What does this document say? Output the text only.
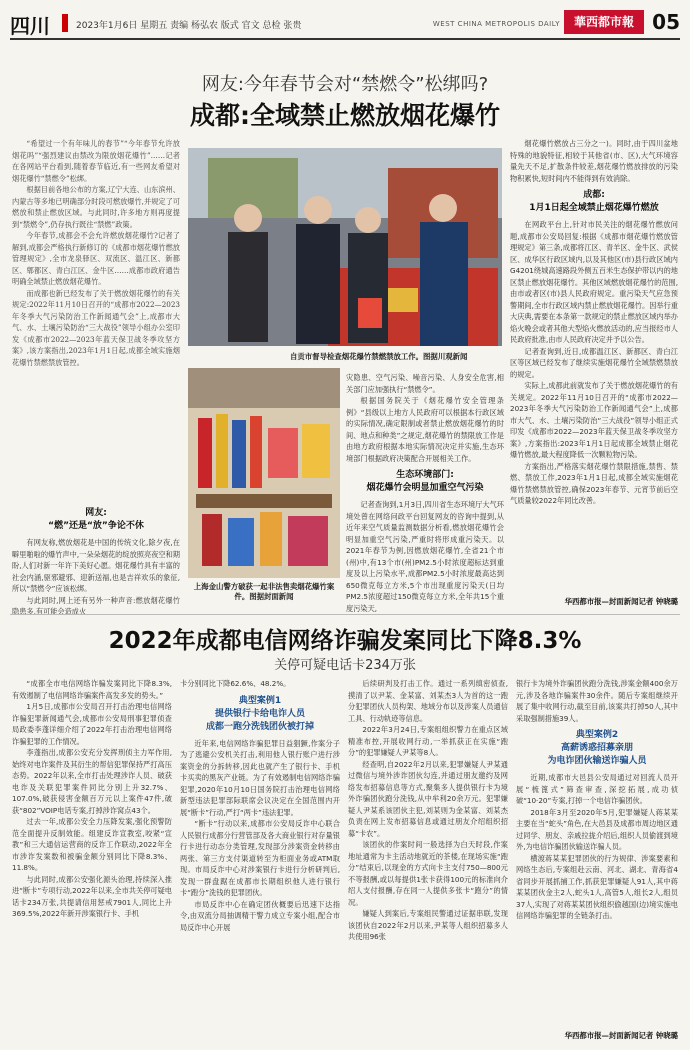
四川	2023年1月6日 星期五 责编 杨弘农 版式 官文 总检 张贵	WEST CHINA METROPOLIS DAILY	華西都市報 05
网友:今年春节会对“禁燃令”松绑吗?
成都:全域禁止燃放烟花爆竹

“希望过一个有年味儿的春节”“今年春节允许放烟花吗”“强烈建议由禁改为限放烟花爆竹”……记者在各网站平台看到,随着春节临近,有一些网友希望对烟花爆竹“禁燃令”松绑。

根据目前各地公布的方案,辽宁大连、山东滨州、内蒙古等多地已明确部分时段可燃放爆竹,并规定了可燃放和禁止燃放区域。与此同时,许多地方则再度提到“禁燃令”,仍存执行既往“禁燃”政策。

今年春节,成都会不会允许燃放烟花爆竹?记者了解到,成都会严格执行新修订的《成都市烟花爆竹燃放管理规定》,全市龙泉驿区、双流区、温江区、新都区、郫都区、青白江区、金牛区……成都市政府通告明确全域禁止燃放烟花爆竹。

而成都也新已经发布了关于燃放烟花爆竹的有关规定:2022年11月10日召开的“成都市2022—2023年冬季大气污染防治工作新闻通气会”上,成都市大气、水、土壤污染防治“三大战役”领导小组办公室印发《成都市2022—2023年蓝天保卫战冬季攻坚方案》,该方案指出,2023年1月1日起,成都全域实施烟花爆竹禁燃禁放管控。

网友:
“燃”还是“放”争论不休

有网友称,燃放烟花是中国的传统文化,除夕夜,在噼里啪啦的爆竹声中,一朵朵烟花的绽放照亮夜空和期盼,人们对新一年许下美好心愿。烟花爆竹具有丰富的社会内涵,驱邪避邪、迎新送福,也是吉祥欢乐的象征,所以“禁燃令”应该松绑。

与此同时,网上还有另外一种声音:燃放烟花爆竹隐患多,有可能会造成火

自贡市督导检查烟花爆竹禁燃禁放工作。图据川观新闻
上海金山警方破获一起非法售卖烟花爆竹案件。图据封面新闻

灾隐患、空气污染、噪音污染、人身安全危害,相关部门应加强执行“禁燃令”。

根据国务院关于《烟花爆竹安全管理条例》“县级以上地方人民政府可以根据本行政区域的实际情况,确定限制或者禁止燃放烟花爆竹的时间、地点和种类”之规定,烟花爆竹的禁限放工作是由地方政府根据本地实际情况决定并实施,生态环境部门根据政府决策配合开展相关工作。

生态环境部门:
烟花爆竹会明显加重空气污染

记者查询到,1月3日,四川省生态环境厅大气环境处曾在网络问政平台回复网友的咨询中提到,从近年来空气质量监测数据分析看,燃放烟花爆竹会明显加重空气污染,严重时将形成重污染天。以2021年春节为例,因燃放烟花爆竹,全省21个市(州)中,有13个市(州)PM2.5小时浓度超标达到重度及以上污染水平,成都PM2.5小时浓度最高达到650微克每立方米,5个市出现重度污染天(日均PM2.5浓度超过150微克每立方米,全年共15个重度污染天,

烟花爆竹燃放占三分之一)。同时,由于四川盆地特殊的地貌特征,相较于其他省(市、区),大气环境容量先天不足,扩散条件较差,烟花爆竹燃放排放的污染物积累快,短时间内不能得到有效消除。

成都:
1月1日起全域禁止烟花爆竹燃放

在网政平台上,针对市民关注的烟花爆竹燃放问题,成都市公安局回复:根据《成都市烟花爆竹燃放管理规定》第三条,成都将江区、青羊区、金牛区、武侯区、成华区行政区域内,以及其他区(市)县行政区域内G4201绕城高速路段外侧五百米生态保护带以内的地区禁止燃放烟花爆竹。其他区域燃放烟花爆竹的范围,由市或者区(市)县人民政府规定。重污染天气应急预警期间,全市行政区域内禁止燃放烟花爆竹。因举行重大庆典,需要在本条第一款规定的禁止燃放区域内举办焰火晚会或者其他大型焰火燃放活动的,应当报经市人民政府批准,由市人民政府决定并予以公告。

记者查询到,近日,成都温江区、新都区、青白江区等区域已经发布了继续实施烟花爆竹全域禁燃禁放的规定。

实际上,成都此前就发布了关于燃放烟花爆竹的有关规定。2022年11月10日召开的“成都市2022—2023年冬季大气污染防治工作新闻通气会”上,成都市大气、水、土壤污染防治“三大战役”领导小组正式印发《成都市2022—2023年蓝天保卫战冬季攻坚方案》,方案指出:2023年1月1日起成都全域禁止烟花爆竹燃放,最大程度降低一次颗粒物污染。

方案指出,严格落实烟花爆竹禁限措施,禁售、禁燃、禁放工作,2023年1月1日起,成都全域实施烟花爆竹禁燃禁放管控,确保2023年春节、元宵节前后空气质量较2022年同比改善。

华西都市报—封面新闻记者 钟晓璐
2022年成都电信网络诈骗发案同比下降8.3%
关停可疑电话卡234万张

“成都全市电信网络诈骗发案同比下降8.3%,有效遏制了电信网络诈骗案件高发多发的势头。”

1月5日,成都市公安局召开打击治理电信网络诈骗犯罪新闻通气会,成都市公安局刑事犯罪侦查局政委李蓬详细介绍了2022年打击治理电信网络诈骗犯罪的工作情况。

李蓬指出,成都公安充分发挥刑侦主力军作用,始终对电诈案件及其衍生的帮信犯罪保持严打高压态势。2022年以来,全市打击处理涉诈人员、破获电诈及关联犯罪案件同比分别上升32.7%、107.0%,破获侵害金额百万元以上案件47件,破获“802”VOIP电话专案,打掉涉诈窝点43个。

过去一年,成都公安全力压降发案,强化预警防范全面提升反制效能。组建反诈宣教室,咬紧“宣教”和三大通信运营商的反诈工作联动,2022年全市涉诈发案数和被骗金额分别同比下降8.3%、11.8%。

与此同时,成都公安强化源头治理,持续深入推进“断卡”专项行动,2022年以来,全市共关停可疑电话卡234万张,共提请信用惩戒7901人,同比上升369.5%,2022年新开涉案银行卡、手机

卡分别同比下降62.6%、48.2%。

典型案例1
提供银行卡给电诈人员
成都一跑分洗钱团伙被打掉

近年来,电信网络诈骗犯罪日益猖獗,作案分子为了逃避公安机关打击,利用他人银行账户进行涉案资金的分拆转移,因此也就产生了银行卡、手机卡买卖的黑灰产业链。为了有效遏制电信网络诈骗犯罪,2020年10月10日国务院打击治理电信网络新型违法犯罪部际联席会议决定在全国范围内开展“断卡”行动,严打“两卡”违法犯罪。

“断卡”行动以来,成都市公安局反诈中心联合人民银行成都分行营管部及各大商业银行对存量银行卡进行动态分类管理,发现部分涉案资金转移由两张、第三方支付渠道转至为柜面业务或ATM取现。市局反诈中心对涉案银行卡进行分析研判后,发现一群盘踞在成都市长期组织他人进行银行卡“跑分”洗钱的犯罪团伙。

市局反诈中心在确定团伙概要后迅速下达指令,由双流分局抽调精干警力成立专案小组,配合市局反诈中心开展

后续研判及打击工作。通过一系列缜密侦查,摸清了以尹某、金某富、刘某杰3人为首的这一跑分犯罪团伙人员构架、地域分布以及涉案人员通信工具、行动轨迹等信息。

2022年3月24日,专案组组织警力在重点区域精准布控,开展收网行动,一举抓获正在实施“跑分”的犯罪嫌疑人尹某等8人。

经查明,自2022年2月以来,犯罪嫌疑人尹某通过微信与境外涉诈团伙勾连,并通过朋友邀约及网络发布招募信息等方式,聚集多人提供银行卡为境外诈骗团伙跑分洗钱,从中牟利20余万元。犯罪嫌疑人尹某系该团伙主犯,刘某则为金某富、刘某杰负责在网上发布招募信息或通过朋友介绍组织招募“卡农”。

该团伙的作案时间一般选择为白天时段,作案地址通常为卡主活动地就近的茶楼,在现场实施“跑分”结束后,以现金的方式向卡主支付750—800元不等报酬,或以每提供1张卡获得100元的标准向介绍人支付报酬,存在同一人提供多张卡“跑分”的情况。

嫌疑人到案后,专案组民警通过证据串联,发现该团伙自2022年2月以来,尹某等人组织招募多人共使用96张

银行卡为境外诈骗团伙跑分洗钱,涉案金额400余万元,涉及各地诈骗案件30余件。随后专案组继续开展了集中收网行动,截至目前,该案共打掉50人,其中采取强制措施39人。

典型案例2
高薪诱惑招募亲朋
为电诈团伙输送诈骗人员

近期,成都市大邑县公安局通过对回流人员开展“梳篦式”筛查审查,深挖拓展,成功侦破“10·20”专案,打掉一个电信诈骗团伙。

2018年3月至2020年5月,犯罪嫌疑人蒋某某主要在当“蛇头”角色,在大邑县及成都市周边地区通过同学、朋友、亲戚拉拢介绍后,组织人员偷渡到境外,为电信诈骗团伙输送诈骗人员。

横渡蒋某某犯罪团伙的行为规律、涉案要素和网络生态后,专案组赴云南、河北、湖北、青海省4省同步开展抓捕工作,抓获犯罪嫌疑人91人,其中蒋某某团伙金主2人,蛇头1人,高管5人,组长2人,组员37人,实现了对蒋某某团伙组织偷越国(边)境实施电信网络诈骗犯罪的全链条打击。

华西都市报—封面新闻记者 钟晓璐
